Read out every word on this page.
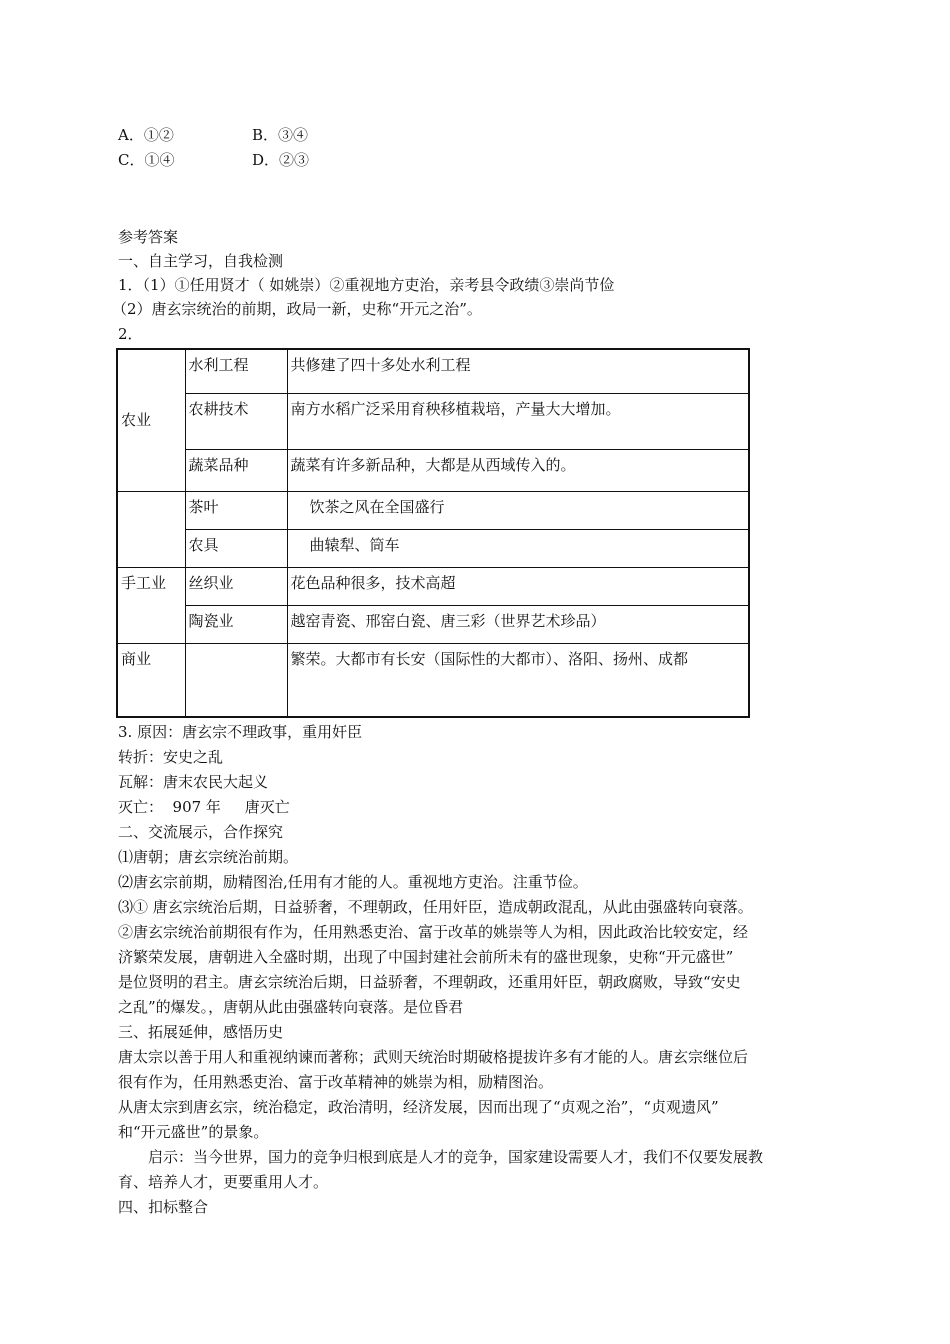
A．①②	B．③④
C．①④	D．②③
参考答案
一、自主学习，自我检测
1．（1）①任用贤才（ 如姚崇）②重视地方吏治，亲考县令政绩③崇尚节俭
（2）唐玄宗统治的前期，政局一新，史称“开元之治”。
2．
农业	水利工程	共修建了四十多处水利工程
	农耕技术	南方水稻广泛采用育秧移植栽培，产量大大增加。
	蔬菜品种	蔬菜有许多新品种，大都是从西域传入的。
	茶叶	饮茶之风在全国盛行
	农具	曲辕犁、筒车
手工业	丝织业	花色品种很多，技术高超
	陶瓷业	越窑青瓷、邢窑白瓷、唐三彩（世界艺术珍品）
商业		繁荣。大都市有长安（国际性的大都市）、洛阳、扬州、成都
3. 原因：唐玄宗不理政事，重用奸臣
转折：安史之乱
瓦解：唐末农民大起义
灭亡：  907 年     唐灭亡
二、交流展示，合作探究
⑴唐朝；唐玄宗统治前期。
⑵唐玄宗前期，励精图治,任用有才能的人。重视地方吏治。注重节俭。
⑶① 唐玄宗统治后期，日益骄奢，不理朝政，任用奸臣，造成朝政混乱，从此由强盛转向衰落。
②唐玄宗统治前期很有作为，任用熟悉吏治、富于改革的姚崇等人为相，因此政治比较安定，经
济繁荣发展，唐朝进入全盛时期，出现了中国封建社会前所未有的盛世现象，史称“开元盛世”
是位贤明的君主。唐玄宗统治后期，日益骄奢，不理朝政，还重用奸臣，朝政腐败，导致“安史
之乱”的爆发。，唐朝从此由强盛转向衰落。是位昏君
三、拓展延伸，感悟历史
唐太宗以善于用人和重视纳谏而著称；武则天统治时期破格提拔许多有才能的人。唐玄宗继位后
很有作为，任用熟悉吏治、富于改革精神的姚崇为相，励精图治。
从唐太宗到唐玄宗，统治稳定，政治清明，经济发展，因而出现了“贞观之治”，“贞观遗风”
和“开元盛世”的景象。
启示：当今世界，国力的竞争归根到底是人才的竞争，国家建设需要人才，我们不仅要发展教
育、培养人才，更要重用人才。
四、扣标整合
